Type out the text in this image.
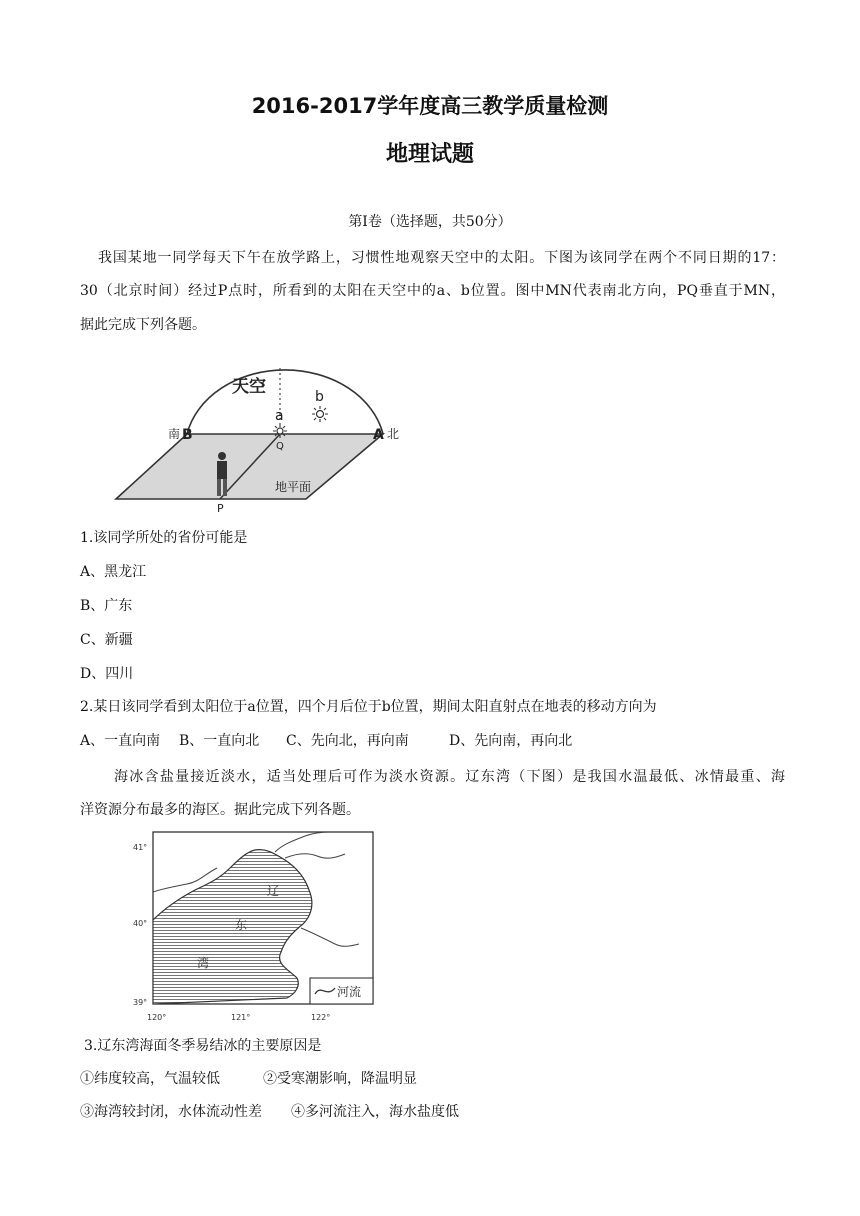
2016-2017学年度高三教学质量检测
地理试题
第Ⅰ卷（选择题，共50分）
我国某地一同学每天下午在放学路上，习惯性地观察天空中的太阳。下图为该同学在两个不同日期的17：
30（北京时间）经过P点时，所看到的太阳在天空中的a、b位置。图中MN代表南北方向，PQ垂直于MN，
据此完成下列各题。
天空
a
b
南 B	A 北
Q
P
地平面
1.该同学所处的省份可能是
A、黑龙江
B、广东
C、新疆
D、四川
2.某日该同学看到太阳位于a位置，四个月后位于b位置，期间太阳直射点在地表的移动方向为
A、一直向南	B、一直向北 C、先向北，再向南	D、先向南，再向北
海冰含盐量接近淡水，适当处理后可作为淡水资源。辽东湾（下图）是我国水温最低、冰情最重、海
洋资源分布最多的海区。据此完成下列各题。
河流
辽
东
湾
41°
40°
39°
120°	121°	122°
3.辽东湾海面冬季易结冰的主要原因是
①纬度较高，气温较低	②受寒潮影响，降温明显
③海湾较封闭，水体流动性差	④多河流注入，海水盐度低
